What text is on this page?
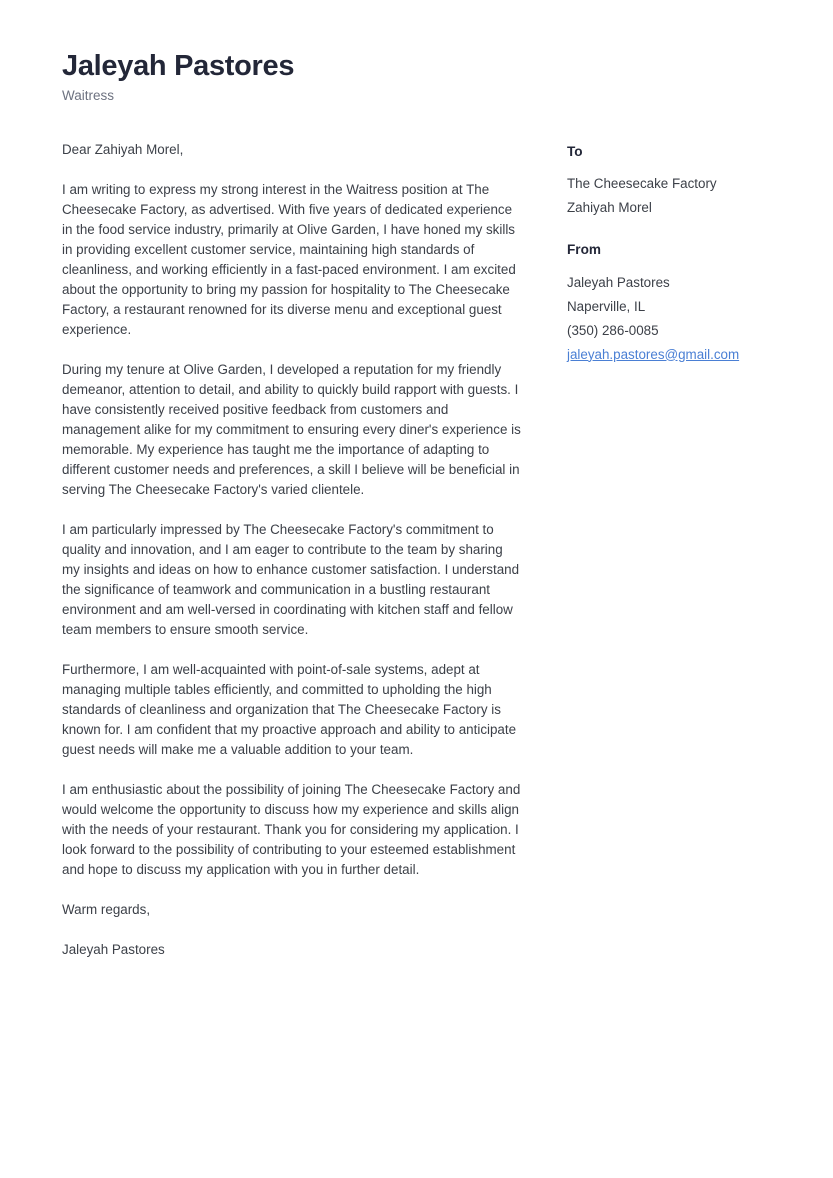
Jaleyah Pastores

Waitress

Dear Zahiyah Morel,

I am writing to express my strong interest in the Waitress position at The Cheesecake Factory, as advertised. With five years of dedicated experience in the food service industry, primarily at Olive Garden, I have honed my skills in providing excellent customer service, maintaining high standards of cleanliness, and working efficiently in a fast-paced environment. I am excited about the opportunity to bring my passion for hospitality to The Cheesecake Factory, a restaurant renowned for its diverse menu and exceptional guest experience.

During my tenure at Olive Garden, I developed a reputation for my friendly demeanor, attention to detail, and ability to quickly build rapport with guests. I have consistently received positive feedback from customers and management alike for my commitment to ensuring every diner's experience is memorable. My experience has taught me the importance of adapting to different customer needs and preferences, a skill I believe will be beneficial in serving The Cheesecake Factory's varied clientele.

I am particularly impressed by The Cheesecake Factory's commitment to quality and innovation, and I am eager to contribute to the team by sharing my insights and ideas on how to enhance customer satisfaction. I understand the significance of teamwork and communication in a bustling restaurant environment and am well-versed in coordinating with kitchen staff and fellow team members to ensure smooth service.

Furthermore, I am well-acquainted with point-of-sale systems, adept at managing multiple tables efficiently, and committed to upholding the high standards of cleanliness and organization that The Cheesecake Factory is known for. I am confident that my proactive approach and ability to anticipate guest needs will make me a valuable addition to your team.

I am enthusiastic about the possibility of joining The Cheesecake Factory and would welcome the opportunity to discuss how my experience and skills align with the needs of your restaurant. Thank you for considering my application. I look forward to the possibility of contributing to your esteemed establishment and hope to discuss my application with you in further detail.

Warm regards,

Jaleyah Pastores

To

The Cheesecake Factory

Zahiyah Morel

From

Jaleyah Pastores

Naperville, IL

(350) 286-0085

jaleyah.pastores@gmail.com
